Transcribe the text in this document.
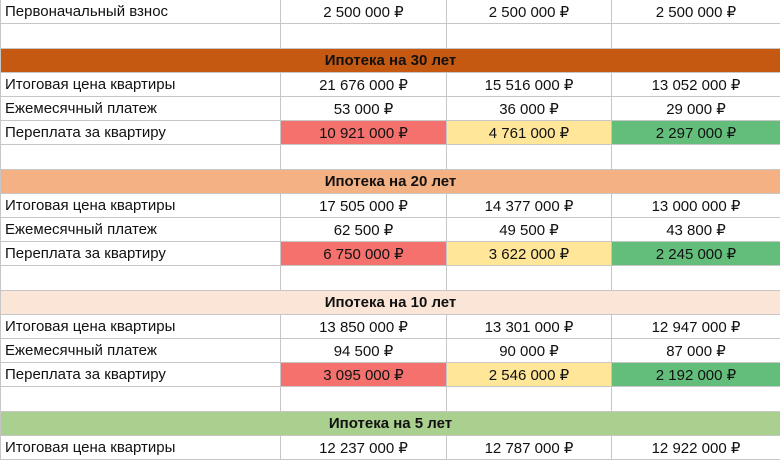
Первоначальный взнос	2 500 000 ₽	2 500 000 ₽	2 500 000 ₽

Ипотека на 30 лет			
Итоговая цена квартиры	21 676 000 ₽	15 516 000 ₽	13 052 000 ₽
Ежемесячный платеж	53 000 ₽	36 000 ₽	29 000 ₽
Переплата за квартиру	10 921 000 ₽	4 761 000 ₽	2 297 000 ₽

Ипотека на 20 лет			
Итоговая цена квартиры	17 505 000 ₽	14 377 000 ₽	13 000 000 ₽
Ежемесячный платеж	62 500 ₽	49 500 ₽	43 800 ₽
Переплата за квартиру	6 750 000 ₽	3 622 000 ₽	2 245 000 ₽

Ипотека на 10 лет			
Итоговая цена квартиры	13 850 000 ₽	13 301 000 ₽	12 947 000 ₽
Ежемесячный платеж	94 500 ₽	90 000 ₽	87 000 ₽
Переплата за квартиру	3 095 000 ₽	2 546 000 ₽	2 192 000 ₽

Ипотека на 5 лет			
Итоговая цена квартиры	12 237 000 ₽	12 787 000 ₽	12 922 000 ₽
